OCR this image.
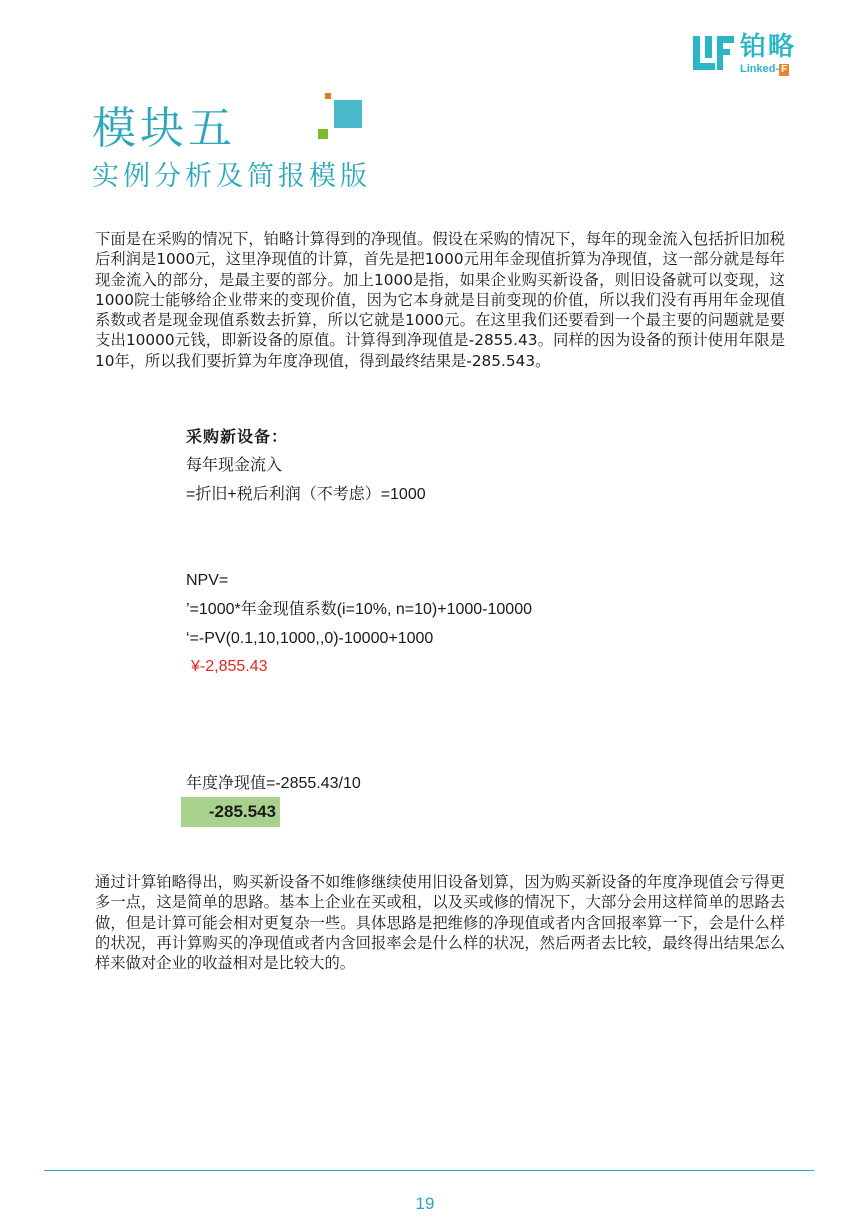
铂略
Linked- F
模块五
实例分析及简报模版

下面是在采购的情况下，铂略计算得到的净现值。假设在采购的情况下，每年的现金流入包括折旧加税后利润是1000元，这里净现值的计算，首先是把1000元用年金现值折算为净现值，这一部分就是每年现金流入的部分，是最主要的部分。加上1000是指，如果企业购买新设备，则旧设备就可以变现，这1000院士能够给企业带来的变现价值，因为它本身就是目前变现的价值，所以我们没有再用年金现值系数或者是现金现值系数去折算，所以它就是1000元。在这里我们还要看到一个最主要的问题就是要支出10000元钱，即新设备的原值。计算得到净现值是-2855.43。同样的因为设备的预计使用年限是10年，所以我们要折算为年度净现值，得到最终结果是-285.543。

采购新设备：
每年现金流入
=折旧+税后利润（不考虑）=1000
NPV=
’=1000*年金现值系数(i=10%, n=10)+1000-10000
‘=-PV(0.1,10,1000,,0)-10000+1000
¥-2,855.43
年度净现值=-2855.43/10
-285.543

通过计算铂略得出，购买新设备不如维修继续使用旧设备划算，因为购买新设备的年度净现值会亏得更多一点，这是简单的思路。基本上企业在买或租，以及买或修的情况下，大部分会用这样简单的思路去做，但是计算可能会相对更复杂一些。具体思路是把维修的净现值或者内含回报率算一下，会是什么样的状况，再计算购买的净现值或者内含回报率会是什么样的状况，然后两者去比较，最终得出结果怎么样来做对企业的收益相对是比较大的。

19
